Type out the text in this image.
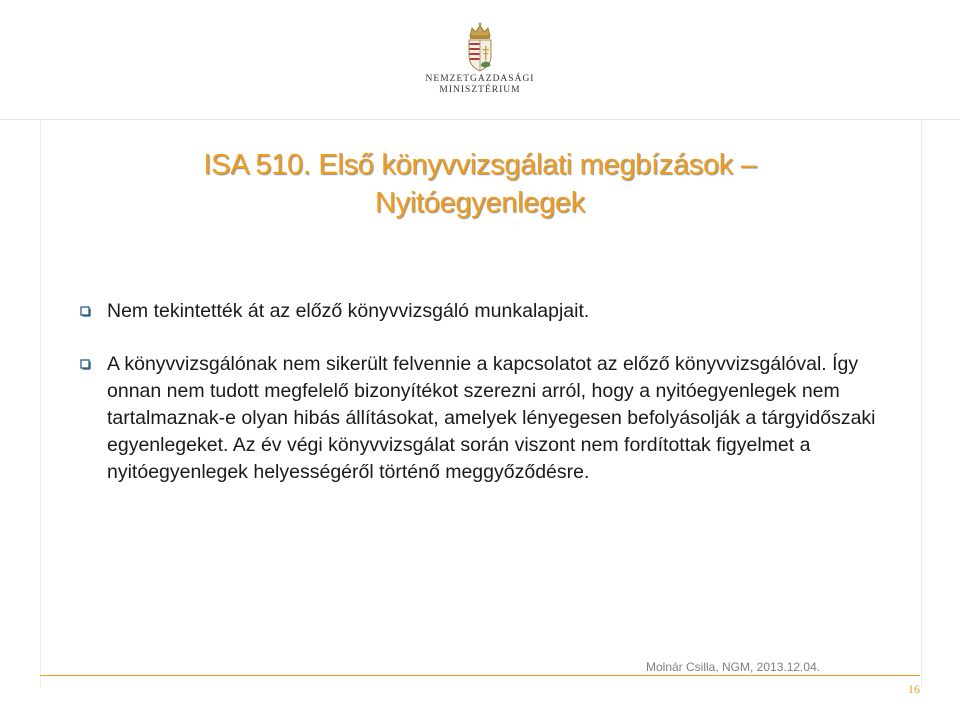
NEMZETGAZDASÁGI
MINISZTÉRIUM
ISA 510. Első könyvvizsgálati megbízások –
Nyitóegyenlegek
Nem tekintették át az előző könyvvizsgáló munkalapjait.
A könyvvizsgálónak nem sikerült felvennie a kapcsolatot az előző könyvvizsgálóval. Így onnan nem tudott megfelelő bizonyítékot szerezni arról, hogy a nyitóegyenlegek nem tartalmaznak-e olyan hibás állításokat, amelyek lényegesen befolyásolják a tárgyidőszaki egyenlegeket. Az év végi könyvvizsgálat során viszont nem fordítottak figyelmet a nyitóegyenlegek helyességéről történő meggyőződésre.
Molnár Csilla, NGM, 2013.12.04.
16
